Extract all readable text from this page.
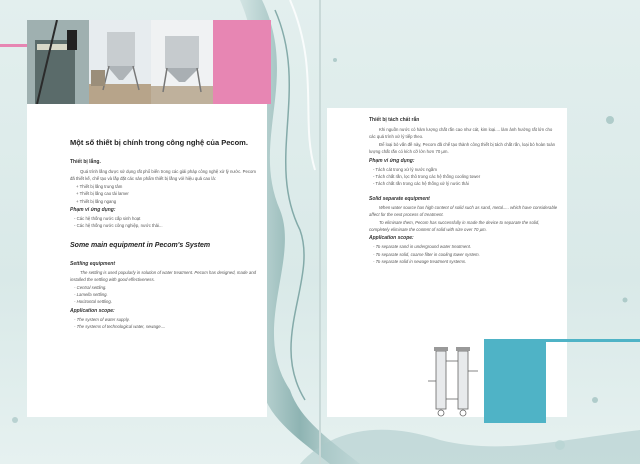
Một số thiết bị chính trong công nghệ của Pecom.

Thiết bị lắng.

Quá trình lắng được sử dụng rất phổ biến trong các giải pháp công nghệ xử lý nước. Pecom đã thiết kế, chế tạo và lắp đặt các sản phẩm thiết bị lắng với hiệu quả cao là:

+ Thiết bị lắng trung tâm

+ Thiết bị lắng cao tải lamer

+ Thiết bị lắng ngang

Phạm vi ứng dụng:

- Các hệ thống nước cấp sinh hoạt

- Các hệ thống nước công nghiệp, nước thải...

Some main equipment in Pecom's System

Settling equipment

The settling is used popularly in solution of water treatment. Pecom has designed, made and installed the settling with good effectiveness.

- Central settling.

- Lamella settling.

- Horizontal settling.

Application scope:

- The system of water supply.

- The systems of technological water, sewage....

Thiết bị tách chất rắn

Khi nguồn nước có hàm lượng chất rắn cao như cát, kim loại.... làm ảnh hưởng rất lớn cho các quá trình xử lý tiếp theo.

Để loại bỏ vấn đề này, Pecom đã chế tạo thành công thiết bị tách chất rắn, loại bỏ hoàn toàn lượng chất rắn có kích cỡ lớn hơn 70 µm.

Phạm vi ứng dụng:

- Tách cát trong xử lý nước ngầm

- Tách chất rắn, lọc thô trong các hệ thống cooling tower

- Tách chất rắn trong các hệ thống xử lý nước thải

Solid separate equipment

When water source has high content of solid such as sand, metal..... which have considerable affect for the next process of treatment.

To eliminate them, Pecom has successfully in made the device to separate the solid, completely eliminate the content of solid with size over 70 µm.

Application scope:

- To separate sand in underground water treatment.

- To separate solid, coarse filter in cooling tower system.

- To separate solid in sewage treatment systems.
